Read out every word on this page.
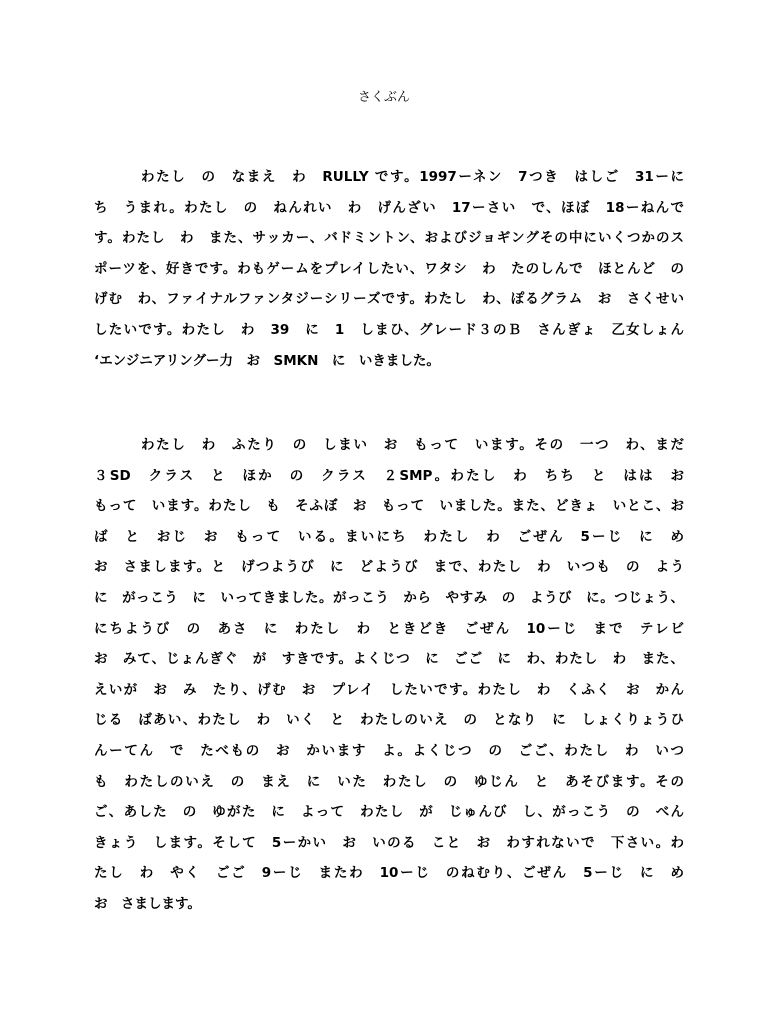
さくぶん
わたし　の　なまえ　わ　RULLY です。1997ーネン　7つき　はしご　31ーに
ち　うまれ。わたし　の　ねんれい　わ　げんざい　17ーさい　で、ほぼ　18ーねんで
す。わたし　わ　また、サッカー、バドミントン、およびジョギングその中にいくつかのス
ポーツを、好きです。わもゲームをプレイしたい、ワタシ　わ　たのしんで　ほとんど　の
げむ　わ、ファイナルファンタジーシリーズです。わたし　わ、ぽるグラム　お　さくせい
したいです。わたし　わ　39　に　1　しまひ、グレード３のＢ　さんぎょ　乙女しょん
‘エンジニアリングー力　お　SMKN　に　いきました。
わたし　わ　ふたり　の　しまい　お　もって　います。その　一つ　わ、まだ
３SD　クラス　と　ほか　の　クラス　２SMP。わたし　わ　ちち　と　はは　お
もって　います。わたし　も　そふぼ　お　もって　いました。また、どきょ　いとこ、お
ば　と　おじ　お　もって　いる。まいにち　わたし　わ　ごぜん　5ーじ　に　め
お　さまします。と　げつようび　に　どようび　まで、わたし　わ　いつも　の　よう
に　がっこう　に　いってきました。がっこう　から　やすみ　の　ようび　に。つじょう、
にちようび　の　あさ　に　わたし　わ　ときどき　ごぜん　10ーじ　まで　テレビ
お　みて、じょんぎぐ　が　すきです。よくじつ　に　ごご　に　わ、わたし　わ　また、
えいが　お　み　たり、げむ　お　プレイ　したいです。わたし　わ　くふく　お　かん
じる　ばあい、わたし　わ　いく　と　わたしのいえ　の　となり　に　しょくりょうひ
んーてん　で　たべもの　お　かいます　よ。よくじつ　の　ごご、わたし　わ　いつ
も　わたしのいえ　の　まえ　に　いた　わたし　の　ゆじん　と　あそびます。その
ご、あした　の　ゆがた　に　よって　わたし　が　じゅんび　し、がっこう　の　べん
きょう　します。そして　5ーかい　お　いのる　こと　お　わすれないで　下さい。わ
たし　わ　やく　ごご　9ーじ　またわ　10ーじ　のねむり、ごぜん　5ーじ　に　め
お　さまします。
